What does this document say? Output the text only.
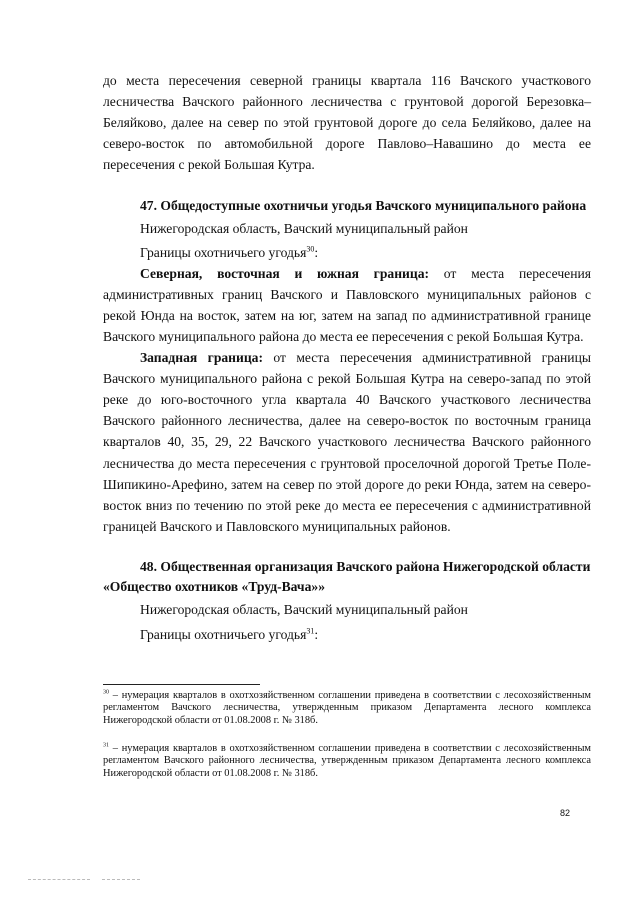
до места пересечения северной границы квартала 116 Вачского участкового лесничества Вачского районного лесничества с грунтовой дорогой Березовка–Беляйково, далее на север по этой грунтовой дороге до села Беляйково, далее на северо-восток по автомобильной дороге Павлово–Навашино до места ее пересечения с рекой Большая Кутра.

47. Общедоступные охотничьи угодья Вачского муниципального района

Нижегородская область, Вачский муниципальный район

Границы охотничьего угодья$^{30}$:

Северная, восточная и южная граница: от места пересечения административных границ Вачского и Павловского муниципальных районов с рекой Юнда на восток, затем на юг, затем на запад по административной границе Вачского муниципального района до места ее пересечения с рекой Большая Кутра.

Западная граница: от места пересечения административной границы Вачского муниципального района с рекой Большая Кутра на северо-запад по этой реке до юго-восточного угла квартала 40 Вачского участкового лесничества Вачского районного лесничества, далее на северо-восток по восточным граница кварталов 40, 35, 29, 22 Вачского участкового лесничества Вачского районного лесничества до места пересечения с грунтовой проселочной дорогой Третье Поле-Шипикино-Арефино, затем на север по этой дороге до реки Юнда, затем на северо-восток вниз по течению по этой реке до места ее пересечения с административной границей Вачского и Павловского муниципальных районов.

48. Общественная организация Вачского района Нижегородской области «Общество охотников «Труд-Вача»»

Нижегородская область, Вачский муниципальный район

Границы охотничьего угодья$^{31}$:

$^{30}$ – нумерация кварталов в охотхозяйственном соглашении приведена в соответствии с лесохозяйственным регламентом Вачского лесничества, утвержденным приказом Департамента лесного комплекса Нижегородской области от 01.08.2008 г. № 318б.

$^{31}$ – нумерация кварталов в охотхозяйственном соглашении приведена в соответствии с лесохозяйственным регламентом Вачского районного лесничества, утвержденным приказом Департамента лесного комплекса Нижегородской области от 01.08.2008 г. № 318б.

82
